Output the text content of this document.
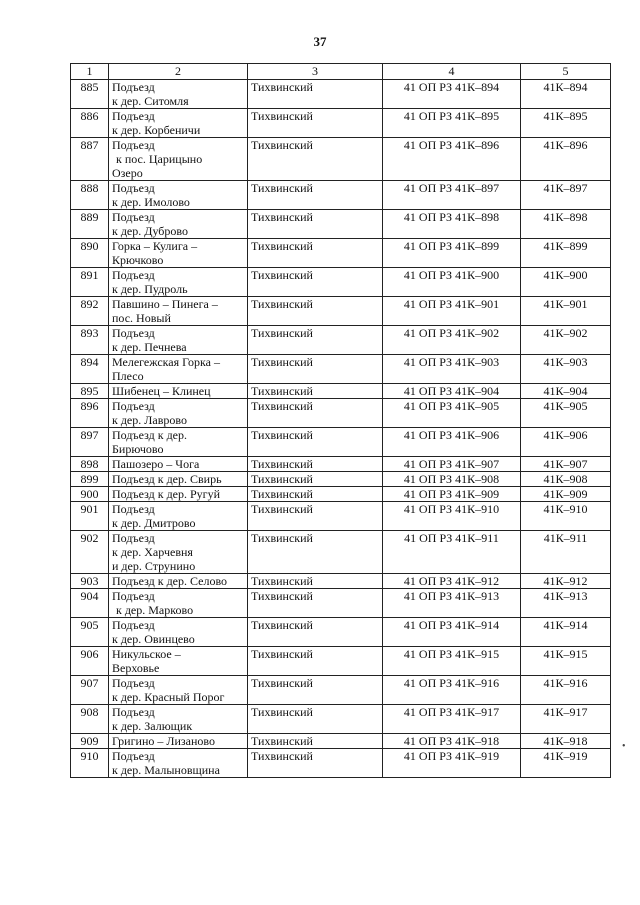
37
1	2	3	4	5
885	Подъезд
к дер. Ситомля	Тихвинский	41 ОП РЗ 41К–894	41К–894
886	Подъезд
к дер. Корбеничи	Тихвинский	41 ОП РЗ 41К–895	41К–895
887	Подъезд
к пос. Царицыно
Озеро	Тихвинский	41 ОП РЗ 41К–896	41К–896
888	Подъезд
к дер. Имолово	Тихвинский	41 ОП РЗ 41К–897	41К–897
889	Подъезд
к дер. Дуброво	Тихвинский	41 ОП РЗ 41К–898	41К–898
890	Горка – Кулига –
Крючково	Тихвинский	41 ОП РЗ 41К–899	41К–899
891	Подъезд
к дер. Пудроль	Тихвинский	41 ОП РЗ 41К–900	41К–900
892	Павшино – Пинега –
пос. Новый	Тихвинский	41 ОП РЗ 41К–901	41К–901
893	Подъезд
к дер. Печнева	Тихвинский	41 ОП РЗ 41К–902	41К–902
894	Мелегежская Горка –
Плесо	Тихвинский	41 ОП РЗ 41К–903	41К–903
895	Шибенец – Клинец	Тихвинский	41 ОП РЗ 41К–904	41К–904
896	Подъезд
к дер. Лаврово	Тихвинский	41 ОП РЗ 41К–905	41К–905
897	Подъезд к дер.
Бирючово	Тихвинский	41 ОП РЗ 41К–906	41К–906
898	Пашозеро – Чога	Тихвинский	41 ОП РЗ 41К–907	41К–907
899	Подъезд к дер. Свирь	Тихвинский	41 ОП РЗ 41К–908	41К–908
900	Подъезд к дер. Ругуй	Тихвинский	41 ОП РЗ 41К–909	41К–909
901	Подъезд
к дер. Дмитрово	Тихвинский	41 ОП РЗ 41К–910	41К–910
902	Подъезд
к дер. Харчевня
и дер. Струнино	Тихвинский	41 ОП РЗ 41К–911	41К–911
903	Подъезд к дер. Селово	Тихвинский	41 ОП РЗ 41К–912	41К–912
904	Подъезд
к дер. Марково	Тихвинский	41 ОП РЗ 41К–913	41К–913
905	Подъезд
к дер. Овинцево	Тихвинский	41 ОП РЗ 41К–914	41К–914
906	Никульское –
Верховье	Тихвинский	41 ОП РЗ 41К–915	41К–915
907	Подъезд
к дер. Красный Порог	Тихвинский	41 ОП РЗ 41К–916	41К–916
908	Подъезд
к дер. Залющик	Тихвинский	41 ОП РЗ 41К–917	41К–917
909	Григино – Лизаново	Тихвинский	41 ОП РЗ 41К–918	41К–918
910	Подъезд
к дер. Малыновщина	Тихвинский	41 ОП РЗ 41К–919	41К–919
•
